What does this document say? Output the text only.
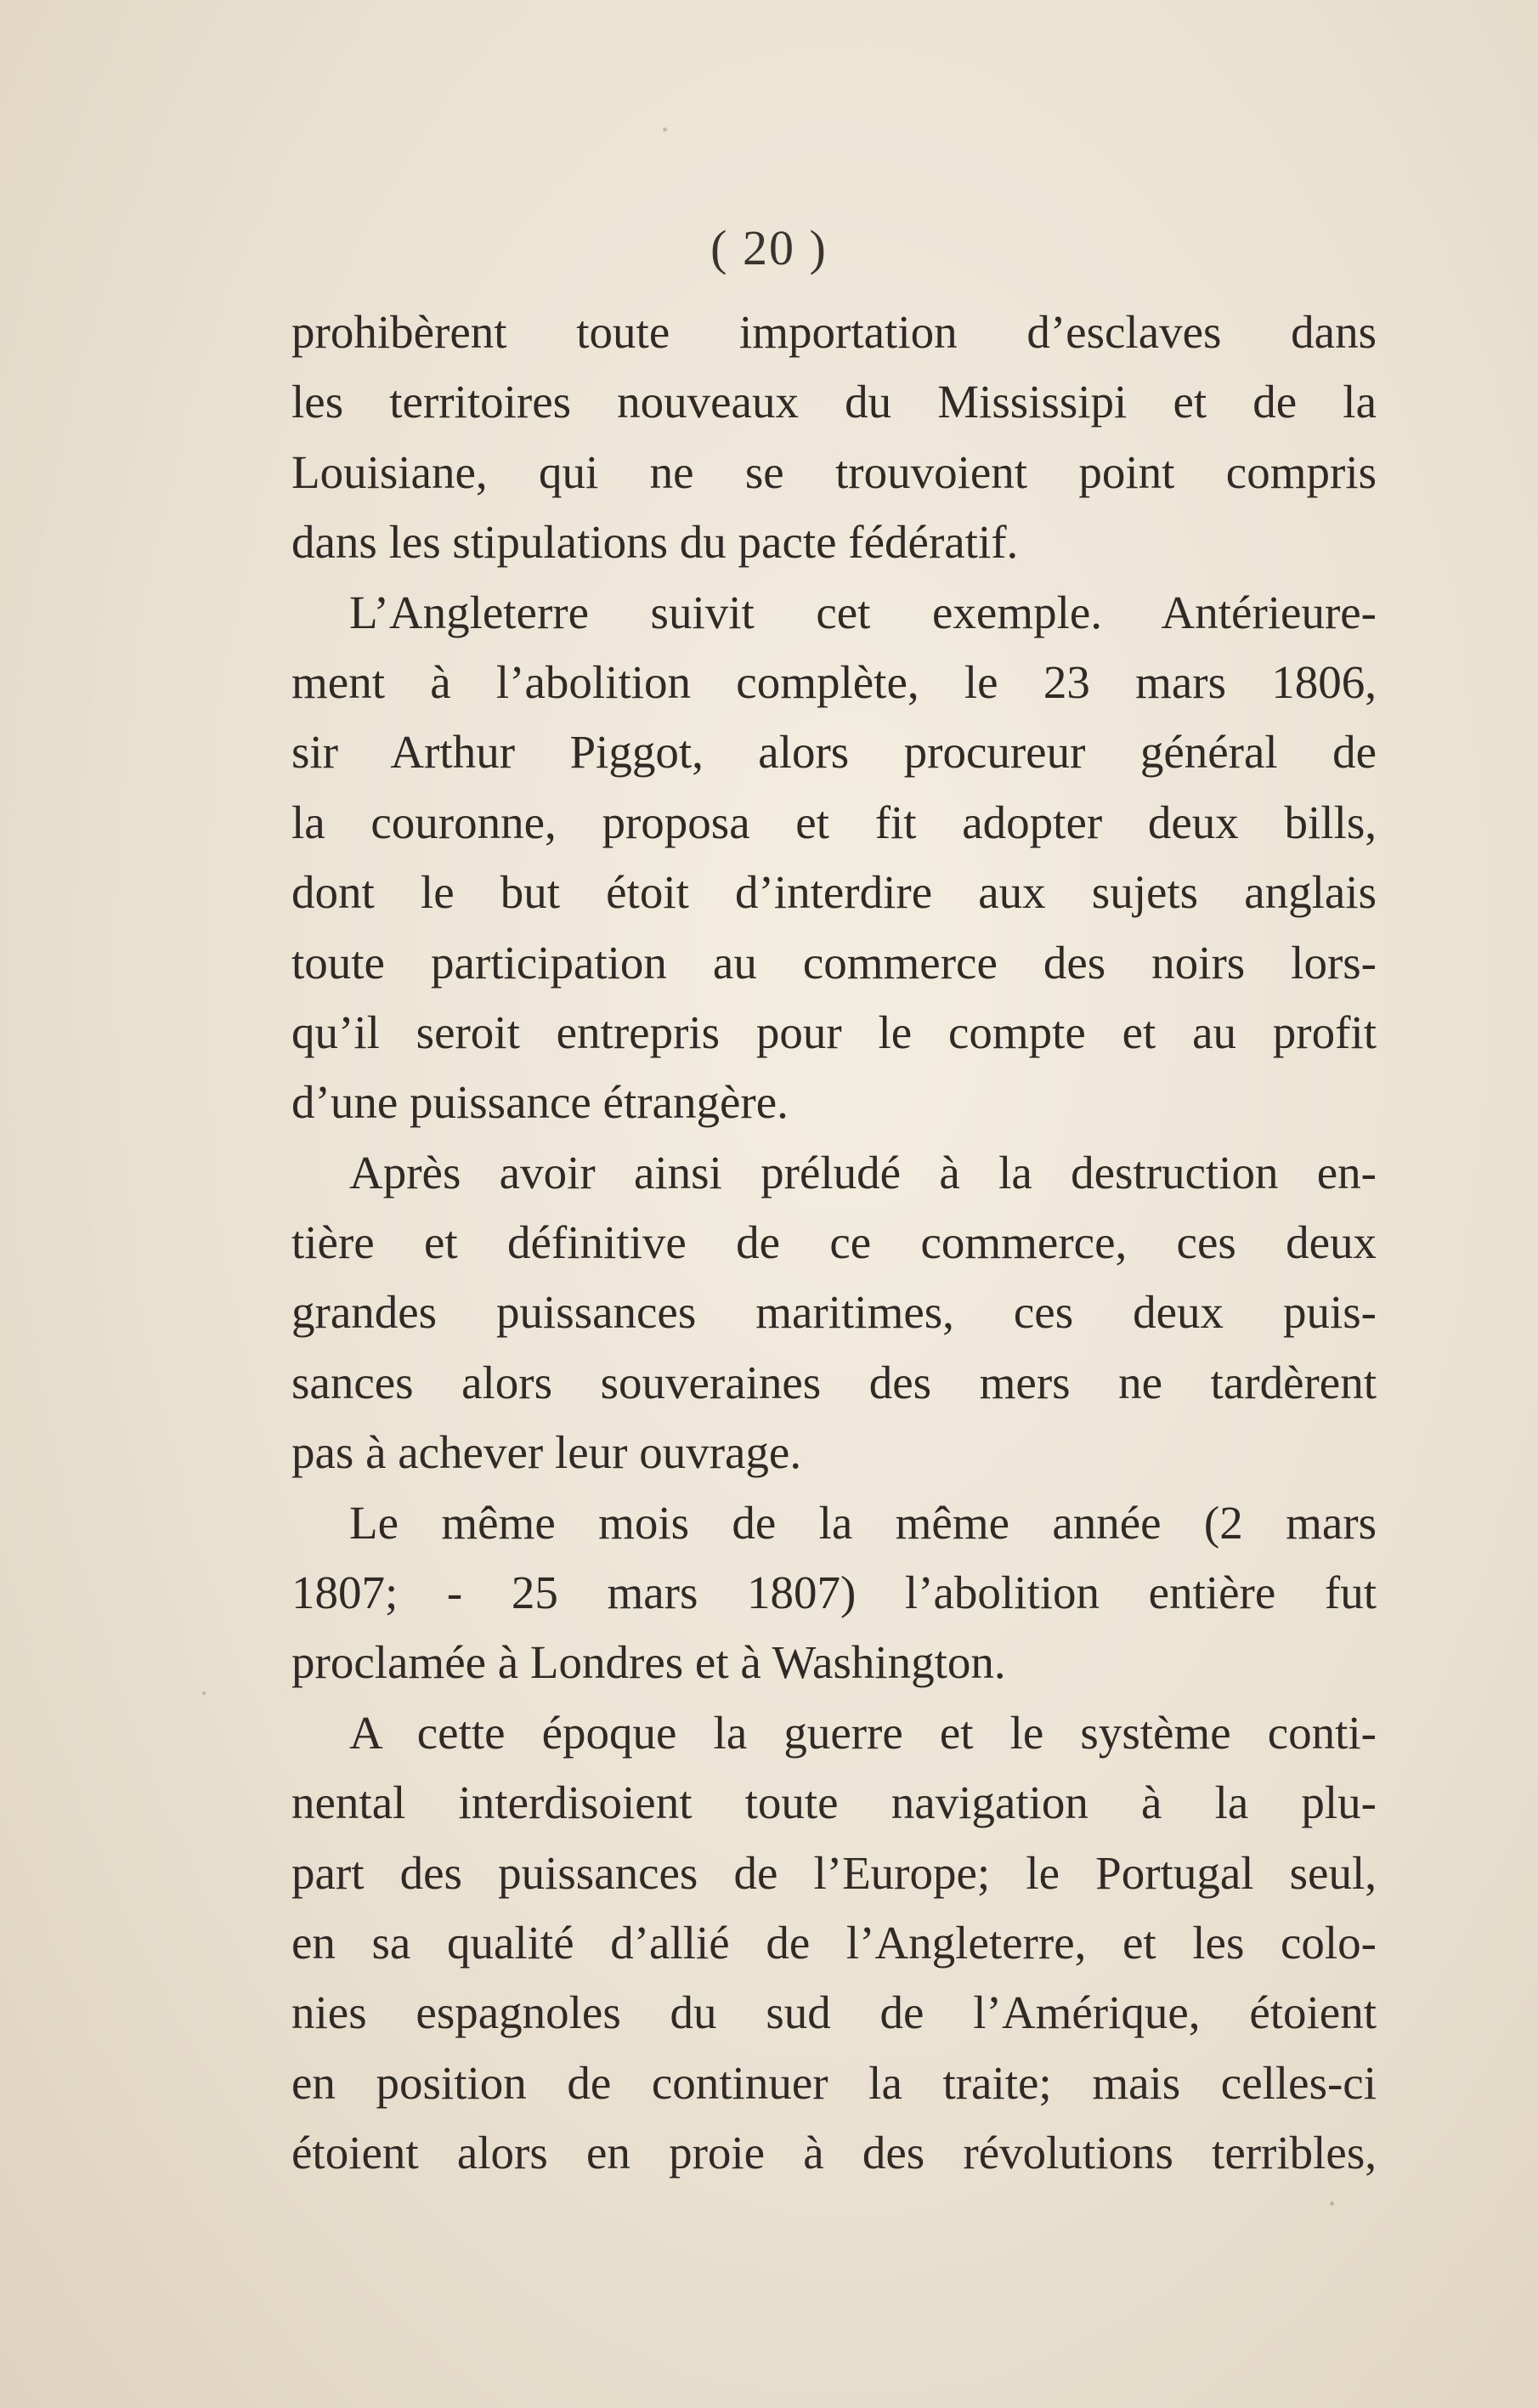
( 20 )
prohibèrent toute importation d’esclaves dans
les territoires nouveaux du Mississipi et de la
Louisiane, qui ne se trouvoient point compris
dans les stipulations du pacte fédératif.
L’Angleterre suivit cet exemple. Antérieure-
ment à l’abolition complète, le 23 mars 1806,
sir Arthur Piggot, alors procureur général de
la couronne, proposa et fit adopter deux bills,
dont le but étoit d’interdire aux sujets anglais
toute participation au commerce des noirs lors-
qu’il seroit entrepris pour le compte et au profit
d’une puissance étrangère.
Après avoir ainsi préludé à la destruction en-
tière et définitive de ce commerce, ces deux
grandes puissances maritimes, ces deux puis-
sances alors souveraines des mers ne tardèrent
pas à achever leur ouvrage.
Le même mois de la même année (2 mars
1807; - 25 mars 1807) l’abolition entière fut
proclamée à Londres et à Washington.
A cette époque la guerre et le système conti-
nental interdisoient toute navigation à la plu-
part des puissances de l’Europe; le Portugal seul,
en sa qualité d’allié de l’Angleterre, et les colo-
nies espagnoles du sud de l’Amérique, étoient
en position de continuer la traite; mais celles-ci
étoient alors en proie à des révolutions terribles,
